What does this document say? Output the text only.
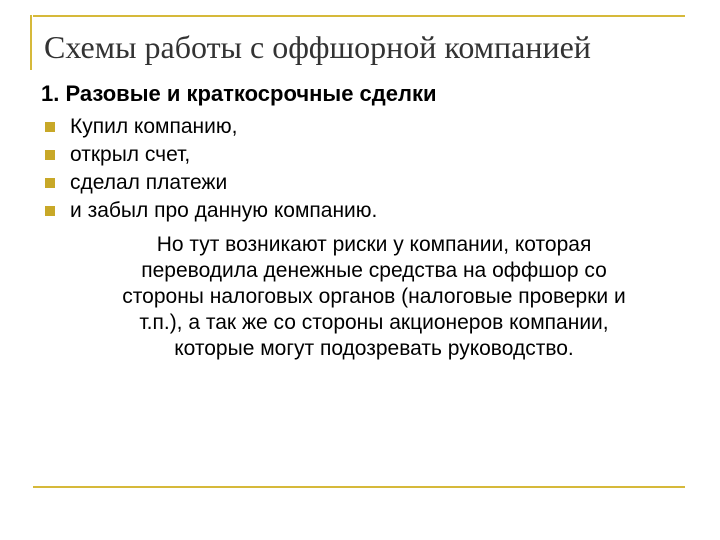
Схемы работы с оффшорной компанией
1. Разовые и краткосрочные сделки
Купил компанию,
открыл счет,
сделал платежи
и забыл про данную компанию.

Но тут возникают риски у компании, которая
переводила денежные средства на оффшор со
стороны налоговых органов (налоговые проверки и
т.п.), а так же со стороны акционеров компании,
которые могут подозревать руководство.
